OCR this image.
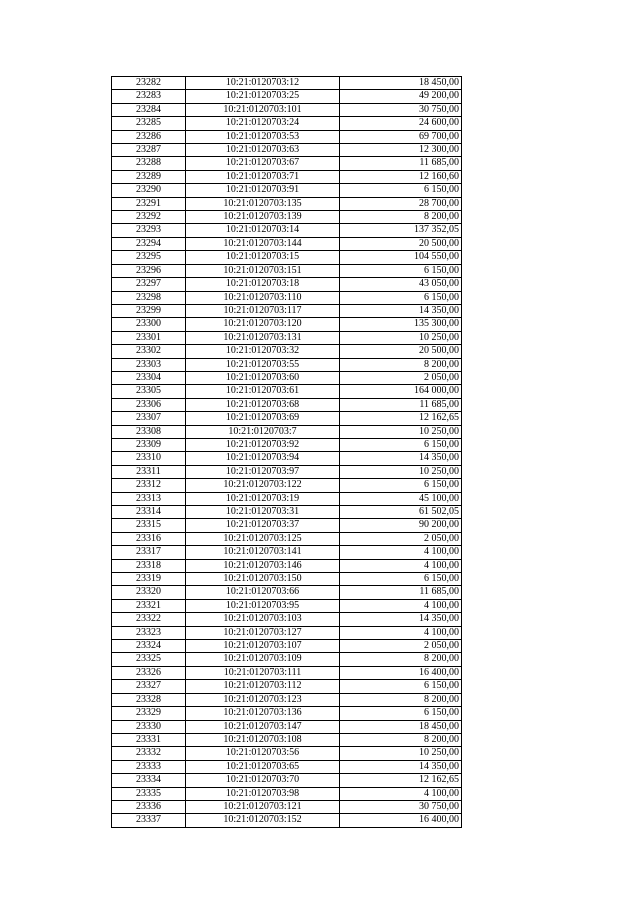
23282	10:21:0120703:12	18 450,00
23283	10:21:0120703:25	49 200,00
23284	10:21:0120703:101	30 750,00
23285	10:21:0120703:24	24 600,00
23286	10:21:0120703:53	69 700,00
23287	10:21:0120703:63	12 300,00
23288	10:21:0120703:67	11 685,00
23289	10:21:0120703:71	12 160,60
23290	10:21:0120703:91	6 150,00
23291	10:21:0120703:135	28 700,00
23292	10:21:0120703:139	8 200,00
23293	10:21:0120703:14	137 352,05
23294	10:21:0120703:144	20 500,00
23295	10:21:0120703:15	104 550,00
23296	10:21:0120703:151	6 150,00
23297	10:21:0120703:18	43 050,00
23298	10:21:0120703:110	6 150,00
23299	10:21:0120703:117	14 350,00
23300	10:21:0120703:120	135 300,00
23301	10:21:0120703:131	10 250,00
23302	10:21:0120703:32	20 500,00
23303	10:21:0120703:55	8 200,00
23304	10:21:0120703:60	2 050,00
23305	10:21:0120703:61	164 000,00
23306	10:21:0120703:68	11 685,00
23307	10:21:0120703:69	12 162,65
23308	10:21:0120703:7	10 250,00
23309	10:21:0120703:92	6 150,00
23310	10:21:0120703:94	14 350,00
23311	10:21:0120703:97	10 250,00
23312	10:21:0120703:122	6 150,00
23313	10:21:0120703:19	45 100,00
23314	10:21:0120703:31	61 502,05
23315	10:21:0120703:37	90 200,00
23316	10:21:0120703:125	2 050,00
23317	10:21:0120703:141	4 100,00
23318	10:21:0120703:146	4 100,00
23319	10:21:0120703:150	6 150,00
23320	10:21:0120703:66	11 685,00
23321	10:21:0120703:95	4 100,00
23322	10:21:0120703:103	14 350,00
23323	10:21:0120703:127	4 100,00
23324	10:21:0120703:107	2 050,00
23325	10:21:0120703:109	8 200,00
23326	10:21:0120703:111	16 400,00
23327	10:21:0120703:112	6 150,00
23328	10:21:0120703:123	8 200,00
23329	10:21:0120703:136	6 150,00
23330	10:21:0120703:147	18 450,00
23331	10:21:0120703:108	8 200,00
23332	10:21:0120703:56	10 250,00
23333	10:21:0120703:65	14 350,00
23334	10:21:0120703:70	12 162,65
23335	10:21:0120703:98	4 100,00
23336	10:21:0120703:121	30 750,00
23337	10:21:0120703:152	16 400,00
